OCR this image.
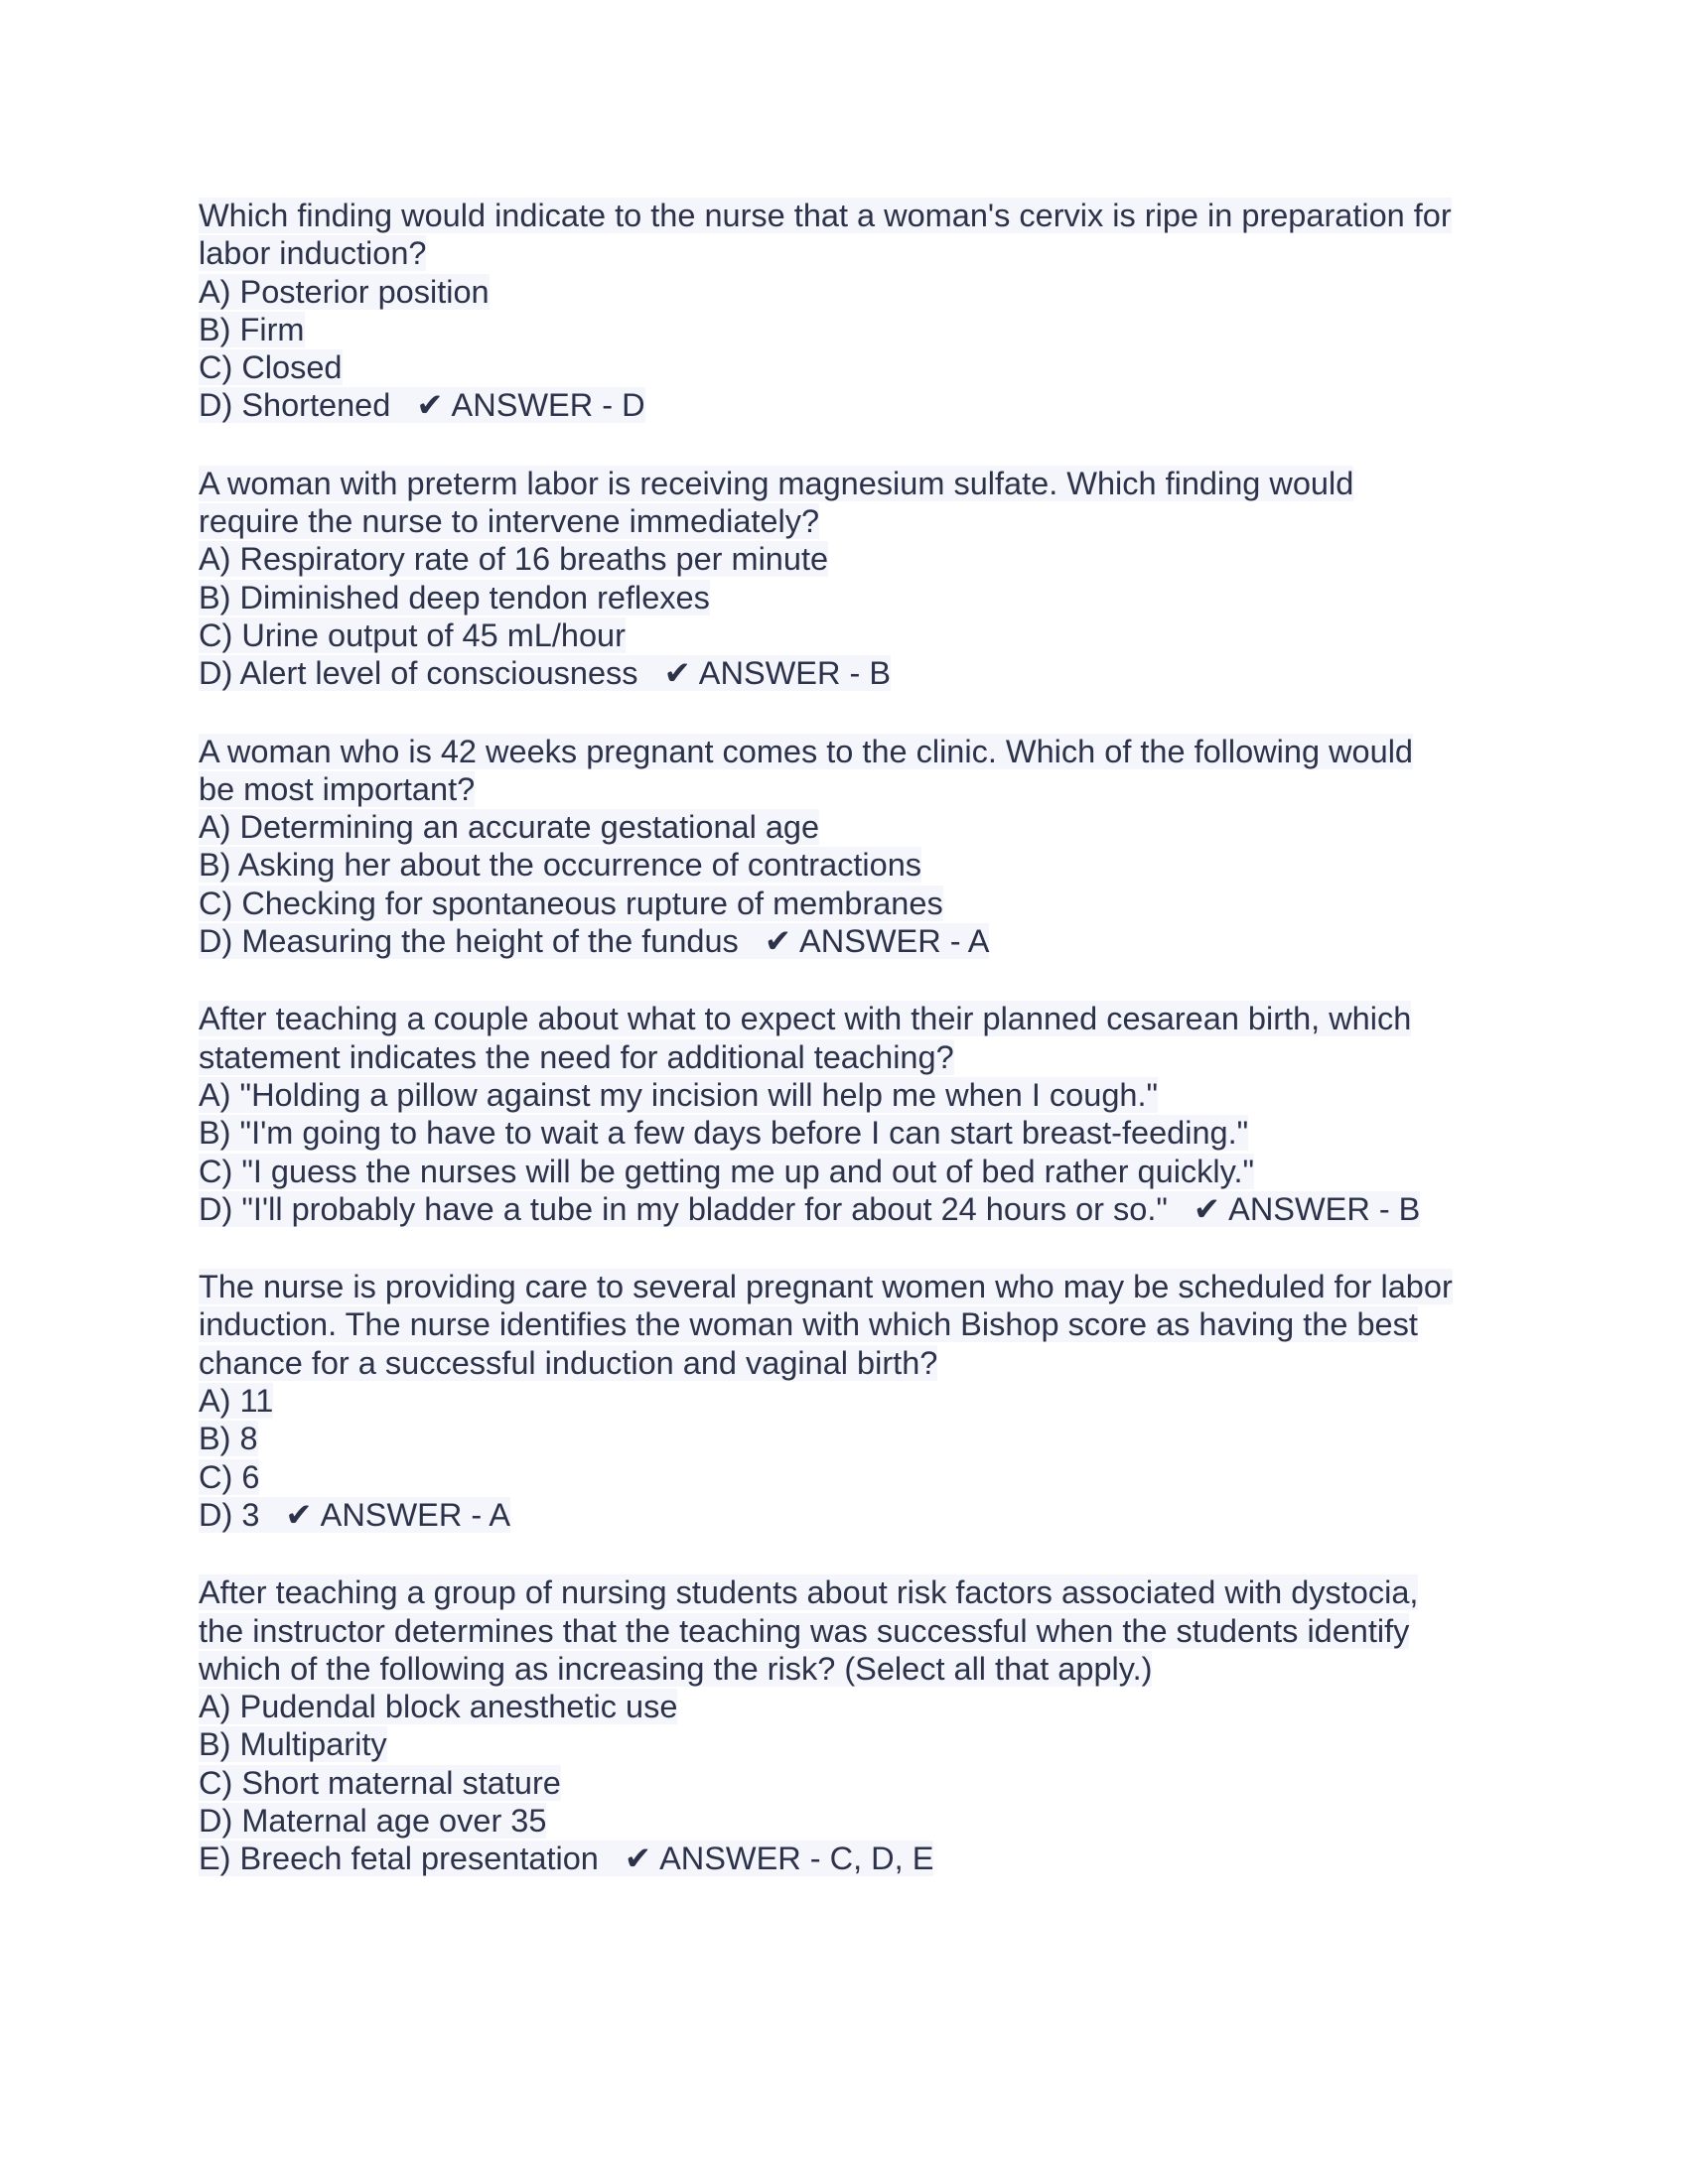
Which finding would indicate to the nurse that a woman's cervix is ripe in preparation for
labor induction?
A) Posterior position
B) Firm
C) Closed
D) Shortened ✔ ANSWER - D
A woman with preterm labor is receiving magnesium sulfate. Which finding would
require the nurse to intervene immediately?
A) Respiratory rate of 16 breaths per minute
B) Diminished deep tendon reflexes
C) Urine output of 45 mL/hour
D) Alert level of consciousness ✔ ANSWER - B
A woman who is 42 weeks pregnant comes to the clinic. Which of the following would
be most important?
A) Determining an accurate gestational age
B) Asking her about the occurrence of contractions
C) Checking for spontaneous rupture of membranes
D) Measuring the height of the fundus ✔ ANSWER - A
After teaching a couple about what to expect with their planned cesarean birth, which
statement indicates the need for additional teaching?
A) "Holding a pillow against my incision will help me when I cough."
B) "I'm going to have to wait a few days before I can start breast-feeding."
C) "I guess the nurses will be getting me up and out of bed rather quickly."
D) "I'll probably have a tube in my bladder for about 24 hours or so." ✔ ANSWER - B
The nurse is providing care to several pregnant women who may be scheduled for labor
induction. The nurse identifies the woman with which Bishop score as having the best
chance for a successful induction and vaginal birth?
A) 11
B) 8
C) 6
D) 3 ✔ ANSWER - A
After teaching a group of nursing students about risk factors associated with dystocia,
the instructor determines that the teaching was successful when the students identify
which of the following as increasing the risk? (Select all that apply.)
A) Pudendal block anesthetic use
B) Multiparity
C) Short maternal stature
D) Maternal age over 35
E) Breech fetal presentation ✔ ANSWER - C, D, E
